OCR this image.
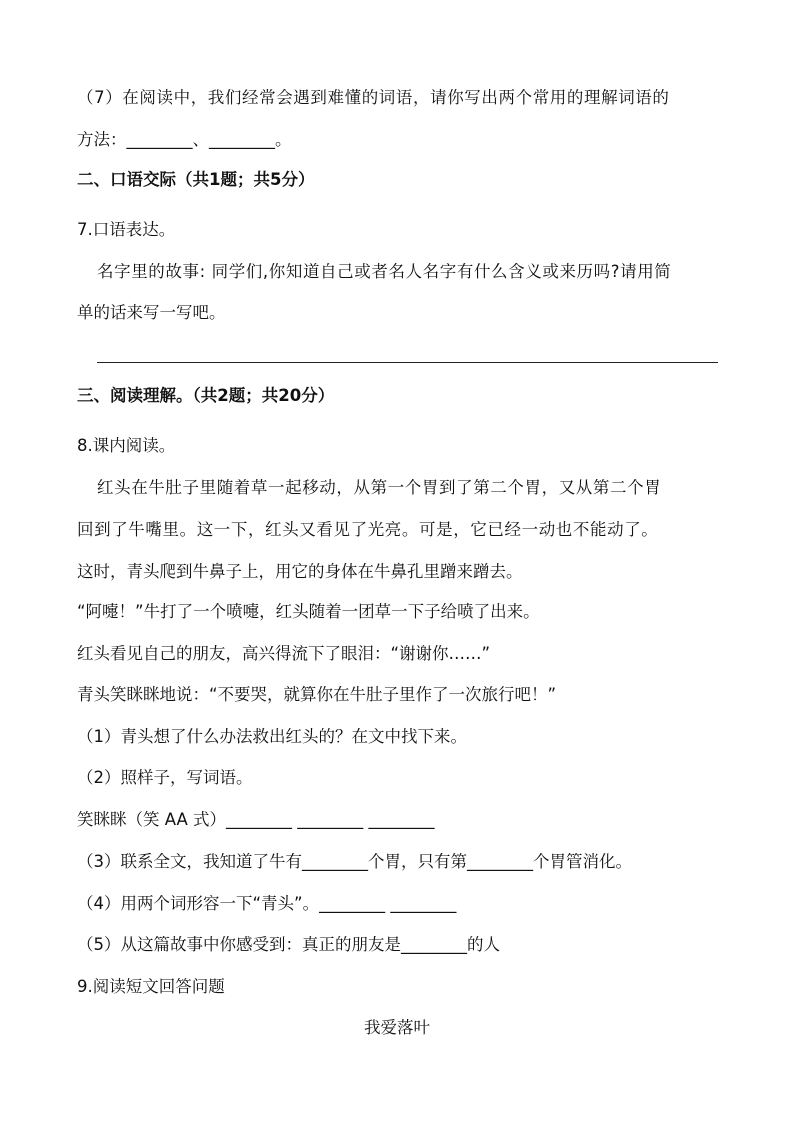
（7）在阅读中，我们经常会遇到难懂的词语，请你写出两个常用的理解词语的
方法：________、________。
二、口语交际（共1题；共5分）
7.口语表达。
名字里的故事: 同学们,你知道自己或者名人名字有什么含义或来历吗?请用简
单的话来写一写吧。
三、阅读理解。（共2题；共20分）
8.课内阅读。
红头在牛肚子里随着草一起移动，从第一个胃到了第二个胃，又从第二个胃
回到了牛嘴里。这一下，红头又看见了光亮。可是，它已经一动也不能动了。
这时，青头爬到牛鼻子上，用它的身体在牛鼻孔里蹭来蹭去。
“阿嚏！”牛打了一个喷嚏，红头随着一团草一下子给喷了出来。
红头看见自己的朋友，高兴得流下了眼泪：“谢谢你……”
青头笑眯眯地说：“不要哭，就算你在牛肚子里作了一次旅行吧！”
（1）青头想了什么办法救出红头的？在文中找下来。
（2）照样子，写词语。
笑眯眯（笑 AA 式）________ ________ ________
（3）联系全文，我知道了牛有________个胃，只有第________个胃管消化。
（4）用两个词形容一下“青头”。________ ________
（5）从这篇故事中你感受到：真正的朋友是________的人
9.阅读短文回答问题
我爱落叶
